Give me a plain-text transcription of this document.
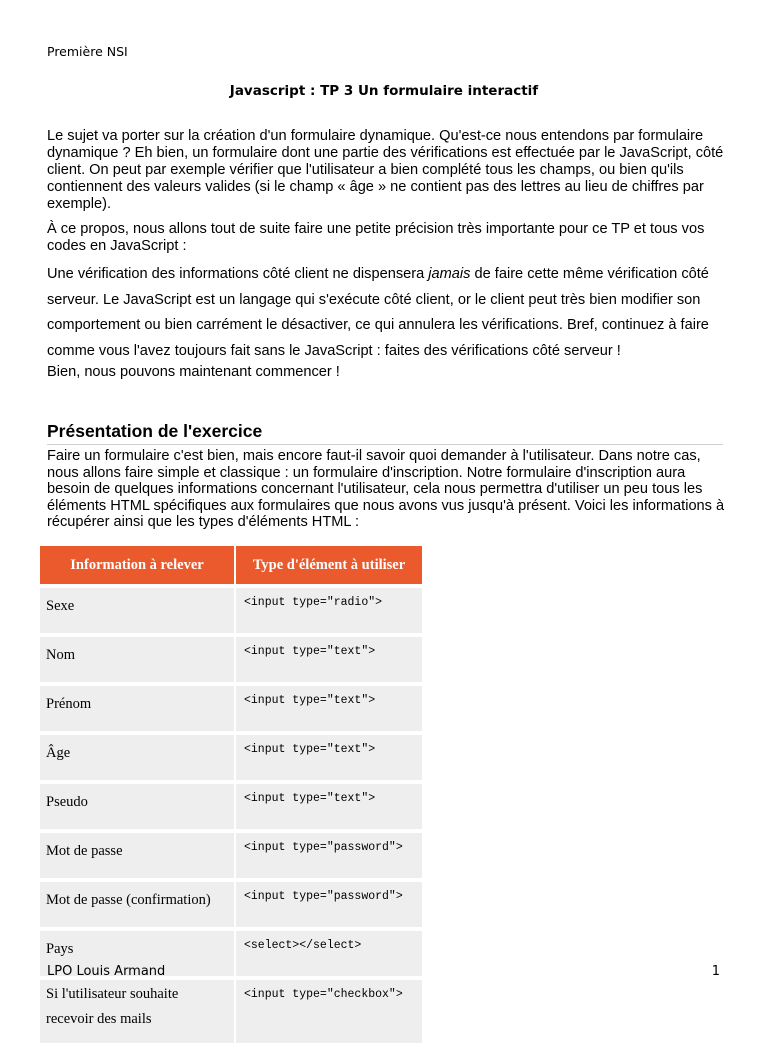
Première NSI
Javascript : TP 3 Un formulaire interactif

Le sujet va porter sur la création d'un formulaire dynamique. Qu'est-ce nous entendons par formulaire dynamique ? Eh bien, un formulaire dont une partie des vérifications est effectuée par le JavaScript, côté client. On peut par exemple vérifier que l'utilisateur a bien complété tous les champs, ou bien qu'ils contiennent des valeurs valides (si le champ « âge » ne contient pas des lettres au lieu de chiffres par exemple).

À ce propos, nous allons tout de suite faire une petite précision très importante pour ce TP et tous vos codes en JavaScript :

Une vérification des informations côté client ne dispensera jamais de faire cette même vérification côté serveur. Le JavaScript est un langage qui s'exécute côté client, or le client peut très bien modifier son comportement ou bien carrément le désactiver, ce qui annulera les vérifications. Bref, continuez à faire comme vous l'avez toujours fait sans le JavaScript : faites des vérifications côté serveur !

Bien, nous pouvons maintenant commencer !

Présentation de l'exercice

Faire un formulaire c'est bien, mais encore faut-il savoir quoi demander à l'utilisateur. Dans notre cas, nous allons faire simple et classique : un formulaire d'inscription. Notre formulaire d'inscription aura besoin de quelques informations concernant l'utilisateur, cela nous permettra d'utiliser un peu tous les éléments HTML spécifiques aux formulaires que nous avons vus jusqu'à présent. Voici les informations à récupérer ainsi que les types d'éléments HTML :

Information à relever	Type d'élément à utiliser
Sexe	<input type="radio">
Nom	<input type="text">
Prénom	<input type="text">
Âge	<input type="text">
Pseudo	<input type="text">
Mot de passe	<input type="password">
Mot de passe (confirmation)	<input type="password">
Pays	<select></select>
Si l'utilisateur souhaite recevoir des mails	<input type="checkbox">
LPO Louis Armand	1
